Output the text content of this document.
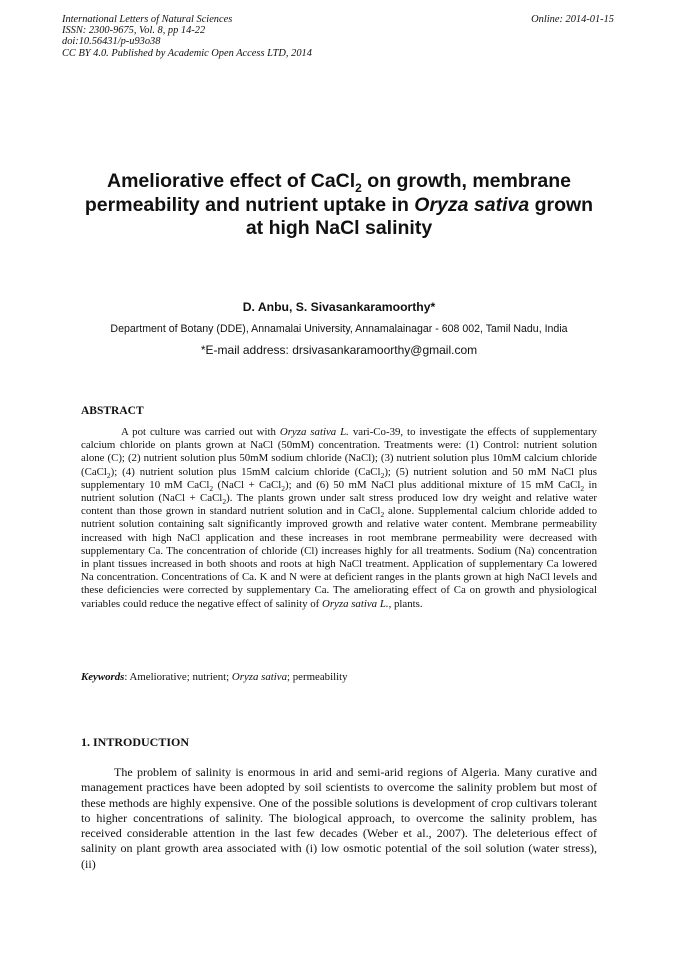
International Letters of Natural Sciences
ISSN: 2300-9675, Vol. 8, pp 14-22
doi:10.56431/p-u93o38
CC BY 4.0. Published by Academic Open Access LTD, 2014
Online: 2014-01-15
Ameliorative effect of CaCl$_2$ on growth, membrane permeability and nutrient uptake in Oryza sativa grown at high NaCl salinity
D. Anbu, S. Sivasankaramoorthy*
Department of Botany (DDE), Annamalai University, Annamalainagar - 608 002, Tamil Nadu, India
*E-mail address: drsivasankaramoorthy@gmail.com
ABSTRACT
A pot culture was carried out with Oryza sativa L. vari-Co-39, to investigate the effects of supplementary calcium chloride on plants grown at NaCl (50mM) concentration. Treatments were: (1) Control: nutrient solution alone (C); (2) nutrient solution plus 50mM sodium chloride (NaCl); (3) nutrient solution plus 10mM calcium chloride (CaCl$_2$); (4) nutrient solution plus 15mM calcium chloride (CaCl$_2$); (5) nutrient solution and 50 mM NaCl plus supplementary 10 mM CaCl$_2$ (NaCl + CaCl$_2$); and (6) 50 mM NaCl plus additional mixture of 15 mM CaCl$_2$ in nutrient solution (NaCl + CaCl$_2$). The plants grown under salt stress produced low dry weight and relative water content than those grown in standard nutrient solution and in CaCl$_2$ alone. Supplemental calcium chloride added to nutrient solution containing salt significantly improved growth and relative water content. Membrane permeability increased with high NaCl application and these increases in root membrane permeability were decreased with supplementary Ca. The concentration of chloride (Cl) increases highly for all treatments. Sodium (Na) concentration in plant tissues increased in both shoots and roots at high NaCl treatment. Application of supplementary Ca lowered Na concentration. Concentrations of Ca. K and N were at deficient ranges in the plants grown at high NaCl levels and these deficiencies were corrected by supplementary Ca. The ameliorating effect of Ca on growth and physiological variables could reduce the negative effect of salinity of Oryza sativa L., plants.
Keywords: Ameliorative; nutrient; Oryza sativa; permeability
1. INTRODUCTION
The problem of salinity is enormous in arid and semi-arid regions of Algeria. Many curative and management practices have been adopted by soil scientists to overcome the salinity problem but most of these methods are highly expensive. One of the possible solutions is development of crop cultivars tolerant to higher concentrations of salinity. The biological approach, to overcome the salinity problem, has received considerable attention in the last few decades (Weber et al., 2007). The deleterious effect of salinity on plant growth area associated with (i) low osmotic potential of the soil solution (water stress), (ii)
